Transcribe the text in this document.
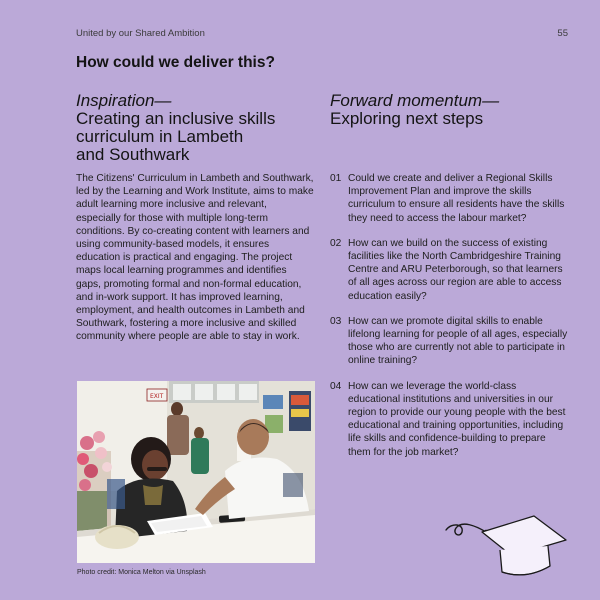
United by our Shared Ambition	55
How could we deliver this?
Inspiration—
Creating an inclusive skills
curriculum in Lambeth
and Southwark
Forward momentum—
Exploring next steps

The Citizens' Curriculum in Lambeth and Southwark, led by the Learning and Work Institute, aims to make adult learning more inclusive and relevant, especially for those with multiple long-term conditions. By co-creating content with learners and using community-based models, it ensures education is practical and engaging. The project maps local learning programmes and identifies gaps, promoting formal and non-formal education, and in-work support. It has improved learning, employment, and health outcomes in Lambeth and Southwark, fostering a more inclusive and skilled community where people are able to stay in work.

01 Could we create and deliver a Regional Skills Improvement Plan and improve the skills curriculum to ensure all residents have the skills they need to access the labour market?
02 How can we build on the success of existing facilities like the North Cambridgeshire Training Centre and ARU Peterborough, so that learners of all ages across our region are able to access education easily?
03 How can we promote digital skills to enable lifelong learning for people of all ages, especially those who are currently not able to participate in online training?
04 How can we leverage the world-class educational institutions and universities in our region to provide our young people with the best educational and training opportunities, including life skills and confidence-building to prepare them for the job market?
EXIT
Photo credit: Monica Melton via Unsplash
